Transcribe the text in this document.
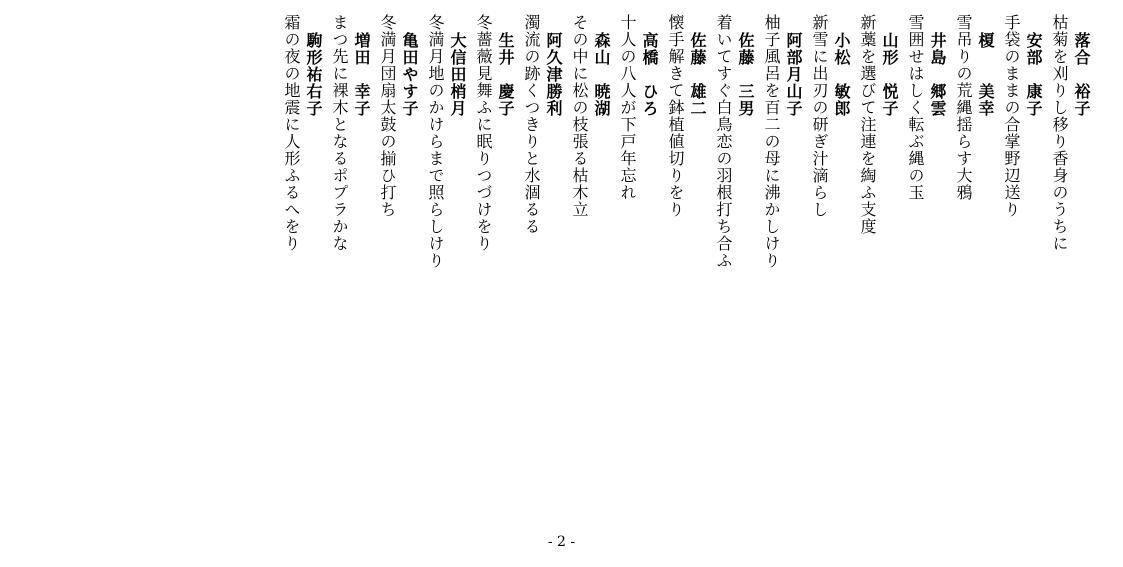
落合　裕子
枯菊を刈りし移り香身のうちに
安部　康子
手袋のままの合掌野辺送り
榎　　美幸
雪吊りの荒縄揺らす大鴉
井島　郷雲
雪囲せはしく転ぶ縄の玉
山形　悦子
新藁を選びて注連を綯ふ支度
小松　敏郎
新雪に出刃の研ぎ汁滴らし
阿部月山子
柚子風呂を百二の母に沸かしけり
佐藤　三男
着いてすぐ白鳥恋の羽根打ち合ふ
佐藤　雄二
懐手解きて鉢植値切りをり
高橋　ひろ
十人の八人が下戸年忘れ
森山　暁湖
その中に松の枝張る枯木立
阿久津勝利
濁流の跡くつきりと水涸るる
生井　慶子
冬薔薇見舞ふに眠りつづけをり
大信田梢月
冬満月地のかけらまで照らしけり
亀田やす子
冬満月団扇太鼓の揃ひ打ち
増田　幸子
まつ先に裸木となるポプラかな
駒形祐右子
霜の夜の地震に人形ふるへをり
- 2 -
